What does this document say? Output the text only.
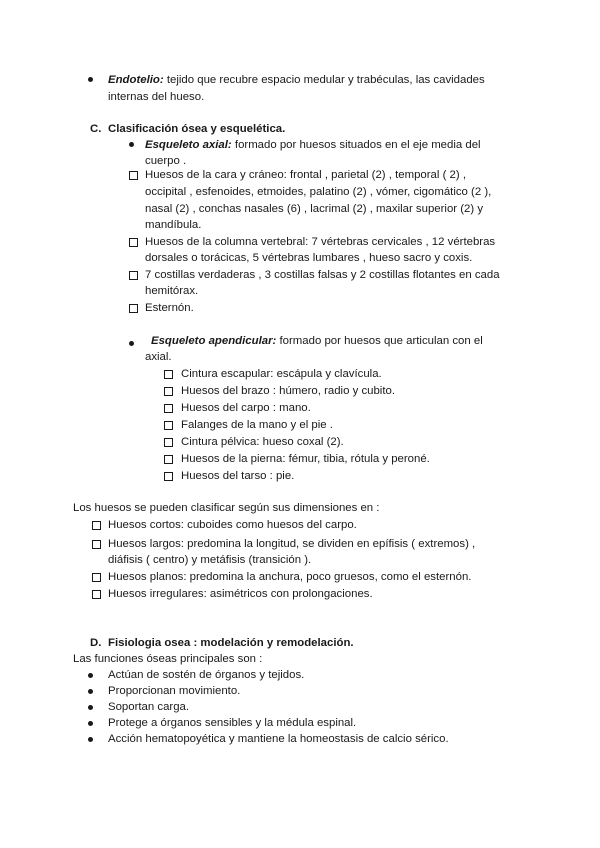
Endotelio: tejido que recubre espacio medular y trabéculas, las cavidades
internas del hueso.
C. Clasificación ósea y esquelética.
Esqueleto axial: formado por huesos situados en el eje media del
cuerpo .
Huesos de la cara y cráneo: frontal , parietal (2) , temporal ( 2) ,
occipital , esfenoides, etmoides, palatino (2) , vómer, cigomático (2 ),
nasal (2) , conchas nasales (6) , lacrimal (2) , maxilar superior (2) y
mandíbula.
Huesos de la columna vertebral: 7 vértebras cervicales , 12 vértebras
dorsales o torácicas, 5 vértebras lumbares , hueso sacro y coxis.
7 costillas verdaderas , 3 costillas falsas y 2 costillas flotantes en cada
hemitórax.
Esternón.
Esqueleto apendicular: formado por huesos que articulan con el
axial.
Cintura escapular: escápula y clavícula.
Huesos del brazo : húmero, radio y cubito.
Huesos del carpo : mano.
Falanges de la mano y el pie .
Cintura pélvica: hueso coxal (2).
Huesos de la pierna: fémur, tibia, rótula y peroné.
Huesos del tarso : pie.
Los huesos se pueden clasificar según sus dimensiones en :
Huesos cortos: cuboides como huesos del carpo.
Huesos largos: predomina la longitud, se dividen en epífisis ( extremos) ,
diáfisis ( centro) y metáfisis (transición ).
Huesos planos: predomina la anchura, poco gruesos, como el esternón.
Huesos irregulares: asimétricos con prolongaciones.
D. Fisiologia osea : modelación y remodelación.
Las funciones óseas principales son :
Actúan de sostén de órganos y tejidos.
Proporcionan movimiento.
Soportan carga.
Protege a órganos sensibles y la médula espinal.
Acción hematopoyética y mantiene la homeostasis de calcio sérico.
